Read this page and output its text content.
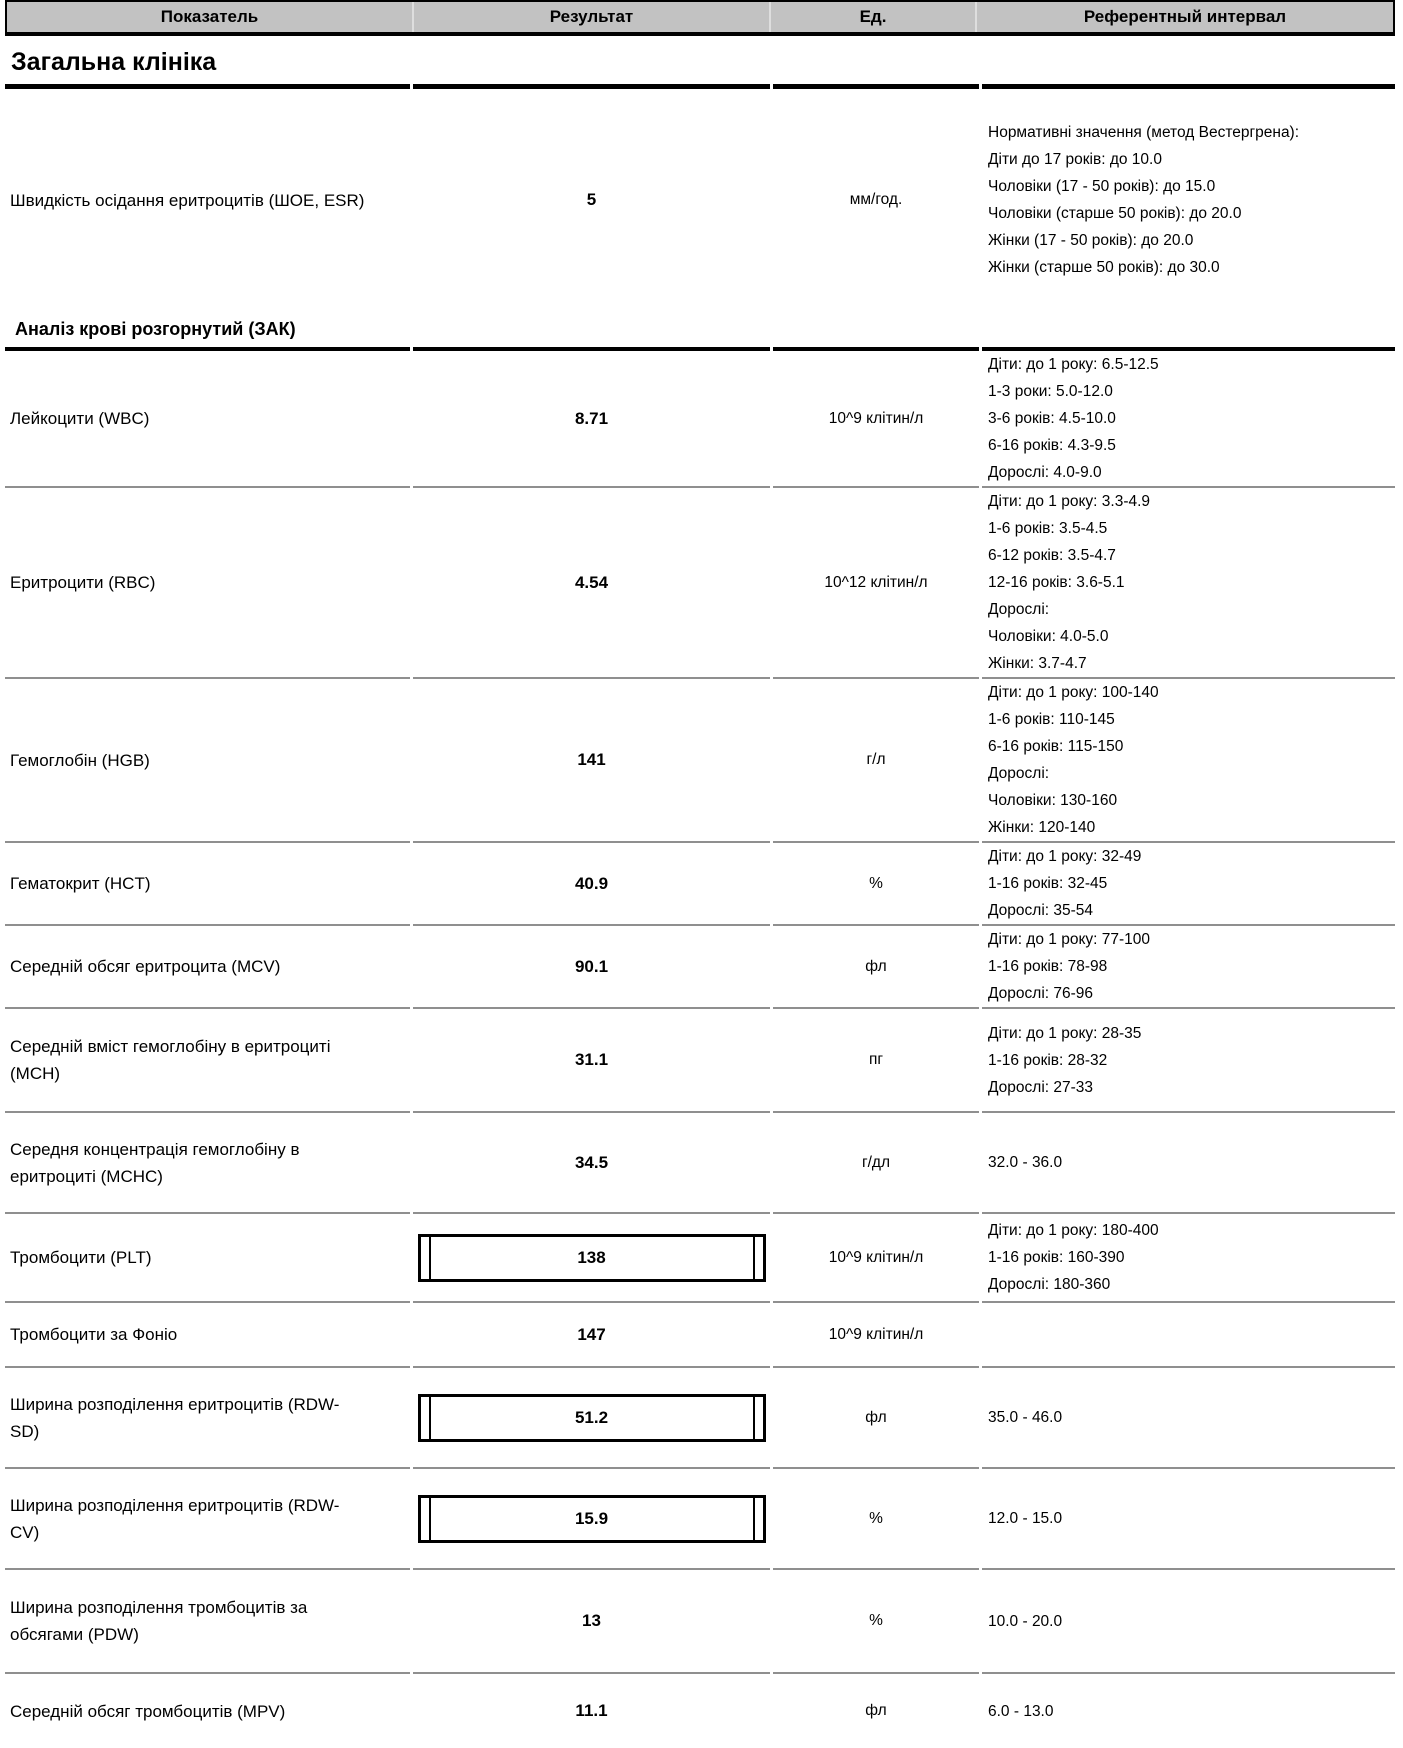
Показатель	Результат	Ед.	Референтный интервал
Загальна клініка
Швидкість осідання еритроцитів (ШОЕ, ESR)	5	мм/год.
Нормативні значення (метод Вестергрена):
Діти до 17 років: до 10.0
Чоловіки (17 - 50 років): до 15.0
Чоловіки (старше 50 років): до 20.0
Жінки (17 - 50 років): до 20.0
Жінки (старше 50 років): до 30.0
Аналіз крові розгорнутий (ЗАК)
Лейкоцити (WBC)	8.71	10^9 клітин/л
Діти: до 1 року: 6.5-12.5
1-3 роки: 5.0-12.0
3-6 років: 4.5-10.0
6-16 років: 4.3-9.5
Дорослі: 4.0-9.0
Еритроцити (RBC)	4.54	10^12 клітин/л
Діти: до 1 року: 3.3-4.9
1-6 років: 3.5-4.5
6-12 років: 3.5-4.7
12-16 років: 3.6-5.1
Дорослі:
Чоловіки: 4.0-5.0
Жінки: 3.7-4.7
Гемоглобін (HGB)	141	г/л
Діти: до 1 року: 100-140
1-6 років: 110-145
6-16 років: 115-150
Дорослі:
Чоловіки: 130-160
Жінки: 120-140
Гематокрит (HCT)	40.9	%
Діти: до 1 року: 32-49
1-16 років: 32-45
Дорослі: 35-54
Середній обсяг еритроцита (MCV)	90.1	фл
Діти: до 1 року: 77-100
1-16 років: 78-98
Дорослі: 76-96
Середній вміст гемоглобіну в еритроциті
(MCH)
31.1	пг
Діти: до 1 року: 28-35
1-16 років: 28-32
Дорослі: 27-33
Середня концентрація гемоглобіну в
еритроциті (MCHC)
34.5	г/дл	32.0 - 36.0
Тромбоцити (PLT)	138	10^9 клітин/л
Діти: до 1 року: 180-400
1-16 років: 160-390
Дорослі: 180-360
Тромбоцити за Фоніо	147	10^9 клітин/л
Ширина розподілення еритроцитів (RDW-
SD)
51.2	фл	35.0 - 46.0
Ширина розподілення еритроцитів (RDW-
CV)
15.9	%	12.0 - 15.0
Ширина розподілення тромбоцитів за
обсягами (PDW)
13	%	10.0 - 20.0
Середній обсяг тромбоцитів (MPV)	11.1	фл	6.0 - 13.0
